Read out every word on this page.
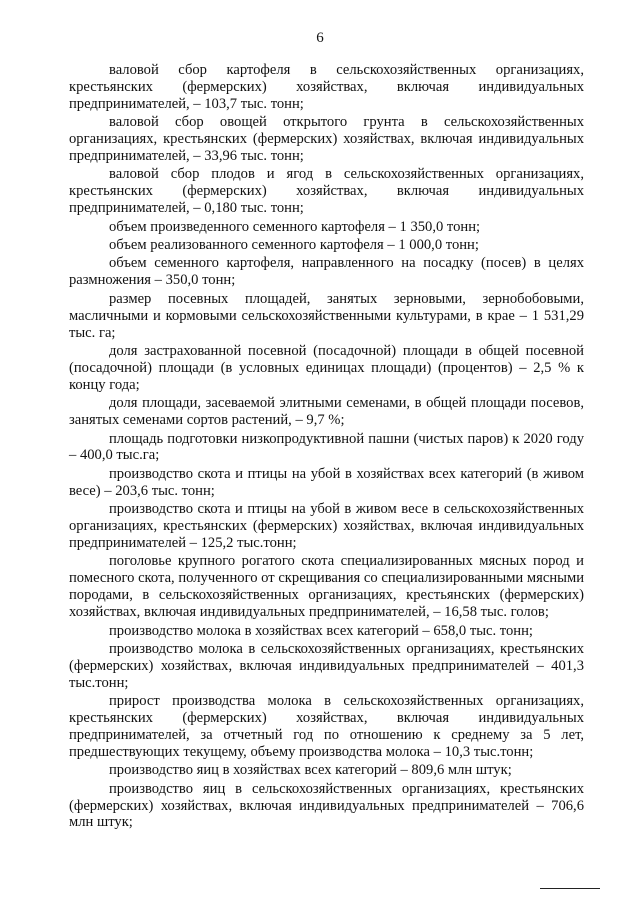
6

валовой сбор картофеля в сельскохозяйственных организациях, крестьянских (фермерских) хозяйствах, включая индивидуальных предпринимателей, – 103,7 тыс. тонн;

валовой сбор овощей открытого грунта в сельскохозяйственных организациях, крестьянских (фермерских) хозяйствах, включая индивидуальных предпринимателей, – 33,96 тыс. тонн;

валовой сбор плодов и ягод в сельскохозяйственных организациях, крестьянских (фермерских) хозяйствах, включая индивидуальных предпринимателей, – 0,180 тыс. тонн;

объем произведенного семенного картофеля – 1 350,0 тонн;

объем реализованного семенного картофеля – 1 000,0 тонн;

объем семенного картофеля, направленного на посадку (посев) в целях размножения – 350,0 тонн;

размер посевных площадей, занятых зерновыми, зернобобовыми, масличными и кормовыми сельскохозяйственными культурами, в крае – 1 531,29 тыс. га;

доля застрахованной посевной (посадочной) площади в общей посевной (посадочной) площади (в условных единицах площади) (процентов) – 2,5 % к концу года;

доля площади, засеваемой элитными семенами, в общей площади посевов, занятых семенами сортов растений, – 9,7 %;

площадь подготовки низкопродуктивной пашни (чистых паров) к 2020 году – 400,0 тыс.га;

производство скота и птицы на убой в хозяйствах всех категорий (в живом весе) – 203,6 тыс. тонн;

производство скота и птицы на убой в живом весе в сельскохозяйственных организациях, крестьянских (фермерских) хозяйствах, включая индивидуальных предпринимателей – 125,2 тыс.тонн;

поголовье крупного рогатого скота специализированных мясных пород и помесного скота, полученного от скрещивания со специализированными мясными породами, в сельскохозяйственных организациях, крестьянских (фермерских) хозяйствах, включая индивидуальных предпринимателей, – 16,58 тыс. голов;

производство молока в хозяйствах всех категорий – 658,0 тыс. тонн;

производство молока в сельскохозяйственных организациях, крестьянских (фермерских) хозяйствах, включая индивидуальных предпринимателей – 401,3 тыс.тонн;

прирост производства молока в сельскохозяйственных организациях, крестьянских (фермерских) хозяйствах, включая индивидуальных предпринимателей, за отчетный год по отношению к среднему за 5 лет, предшествующих текущему, объему производства молока – 10,3 тыс.тонн;

производство яиц в хозяйствах всех категорий – 809,6 млн штук;

производство яиц в сельскохозяйственных организациях, крестьянских (фермерских) хозяйствах, включая индивидуальных предпринимателей – 706,6 млн штук;
